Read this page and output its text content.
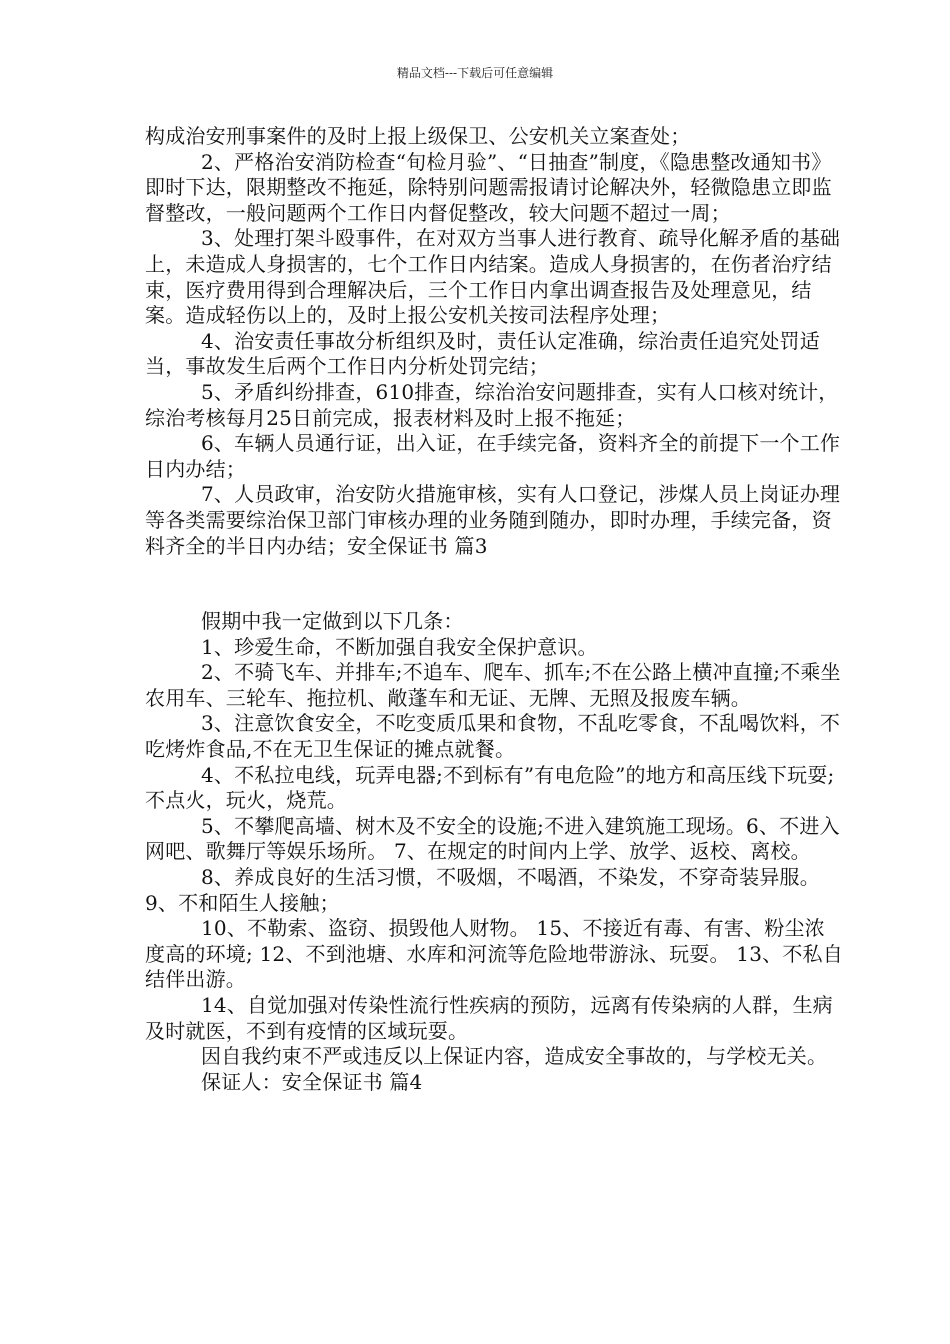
精品文档---下载后可任意编辑

构成治安刑事案件的及时上报上级保卫、公安机关立案查处；

2、严格治安消防检查“旬检月验”、“日抽查”制度，《隐患整改通知书》即时下达，限期整改不拖延，除特别问题需报请讨论解决外，轻微隐患立即监督整改，一般问题两个工作日内督促整改，较大问题不超过一周；

3、处理打架斗殴事件，在对双方当事人进行教育、疏导化解矛盾的基础上，未造成人身损害的，七个工作日内结案。造成人身损害的，在伤者治疗结束，医疗费用得到合理解决后，三个工作日内拿出调查报告及处理意见，结案。造成轻伤以上的，及时上报公安机关按司法程序处理；

4、治安责任事故分析组织及时，责任认定准确，综治责任追究处罚适当，事故发生后两个工作日内分析处罚完结；

5、矛盾纠纷排查，610排查，综治治安问题排查，实有人口核对统计，综治考核每月25日前完成，报表材料及时上报不拖延；

6、车辆人员通行证，出入证，在手续完备，资料齐全的前提下一个工作日内办结；

7、人员政审，治安防火措施审核，实有人口登记，涉煤人员上岗证办理等各类需要综治保卫部门审核办理的业务随到随办，即时办理，手续完备，资料齐全的半日内办结；安全保证书 篇3

假期中我一定做到以下几条：

1、珍爱生命，不断加强自我安全保护意识。

2、不骑飞车、并排车;不追车、爬车、抓车;不在公路上横冲直撞;不乘坐农用车、三轮车、拖拉机、敞蓬车和无证、无牌、无照及报废车辆。

3、注意饮食安全，不吃变质瓜果和食物，不乱吃零食，不乱喝饮料，不吃烤炸食品,不在无卫生保证的摊点就餐。

4、不私拉电线，玩弄电器;不到标有”有电危险”的地方和高压线下玩耍;不点火，玩火，烧荒。

5、不攀爬高墙、树木及不安全的设施;不进入建筑施工现场。6、不进入网吧、歌舞厅等娱乐场所。 7、在规定的时间内上学、放学、返校、离校。

8、养成良好的生活习惯，不吸烟，不喝酒，不染发，不穿奇装异服。 9、不和陌生人接触；

10、不勒索、盗窃、损毁他人财物。 15、不接近有毒、有害、粉尘浓度高的环境; 12、不到池塘、水库和河流等危险地带游泳、玩耍。 13、不私自结伴出游。

14、自觉加强对传染性流行性疾病的预防，远离有传染病的人群，生病及时就医，不到有疫情的区域玩耍。

因自我约束不严或违反以上保证内容，造成安全事故的，与学校无关。

保证人：安全保证书 篇4
